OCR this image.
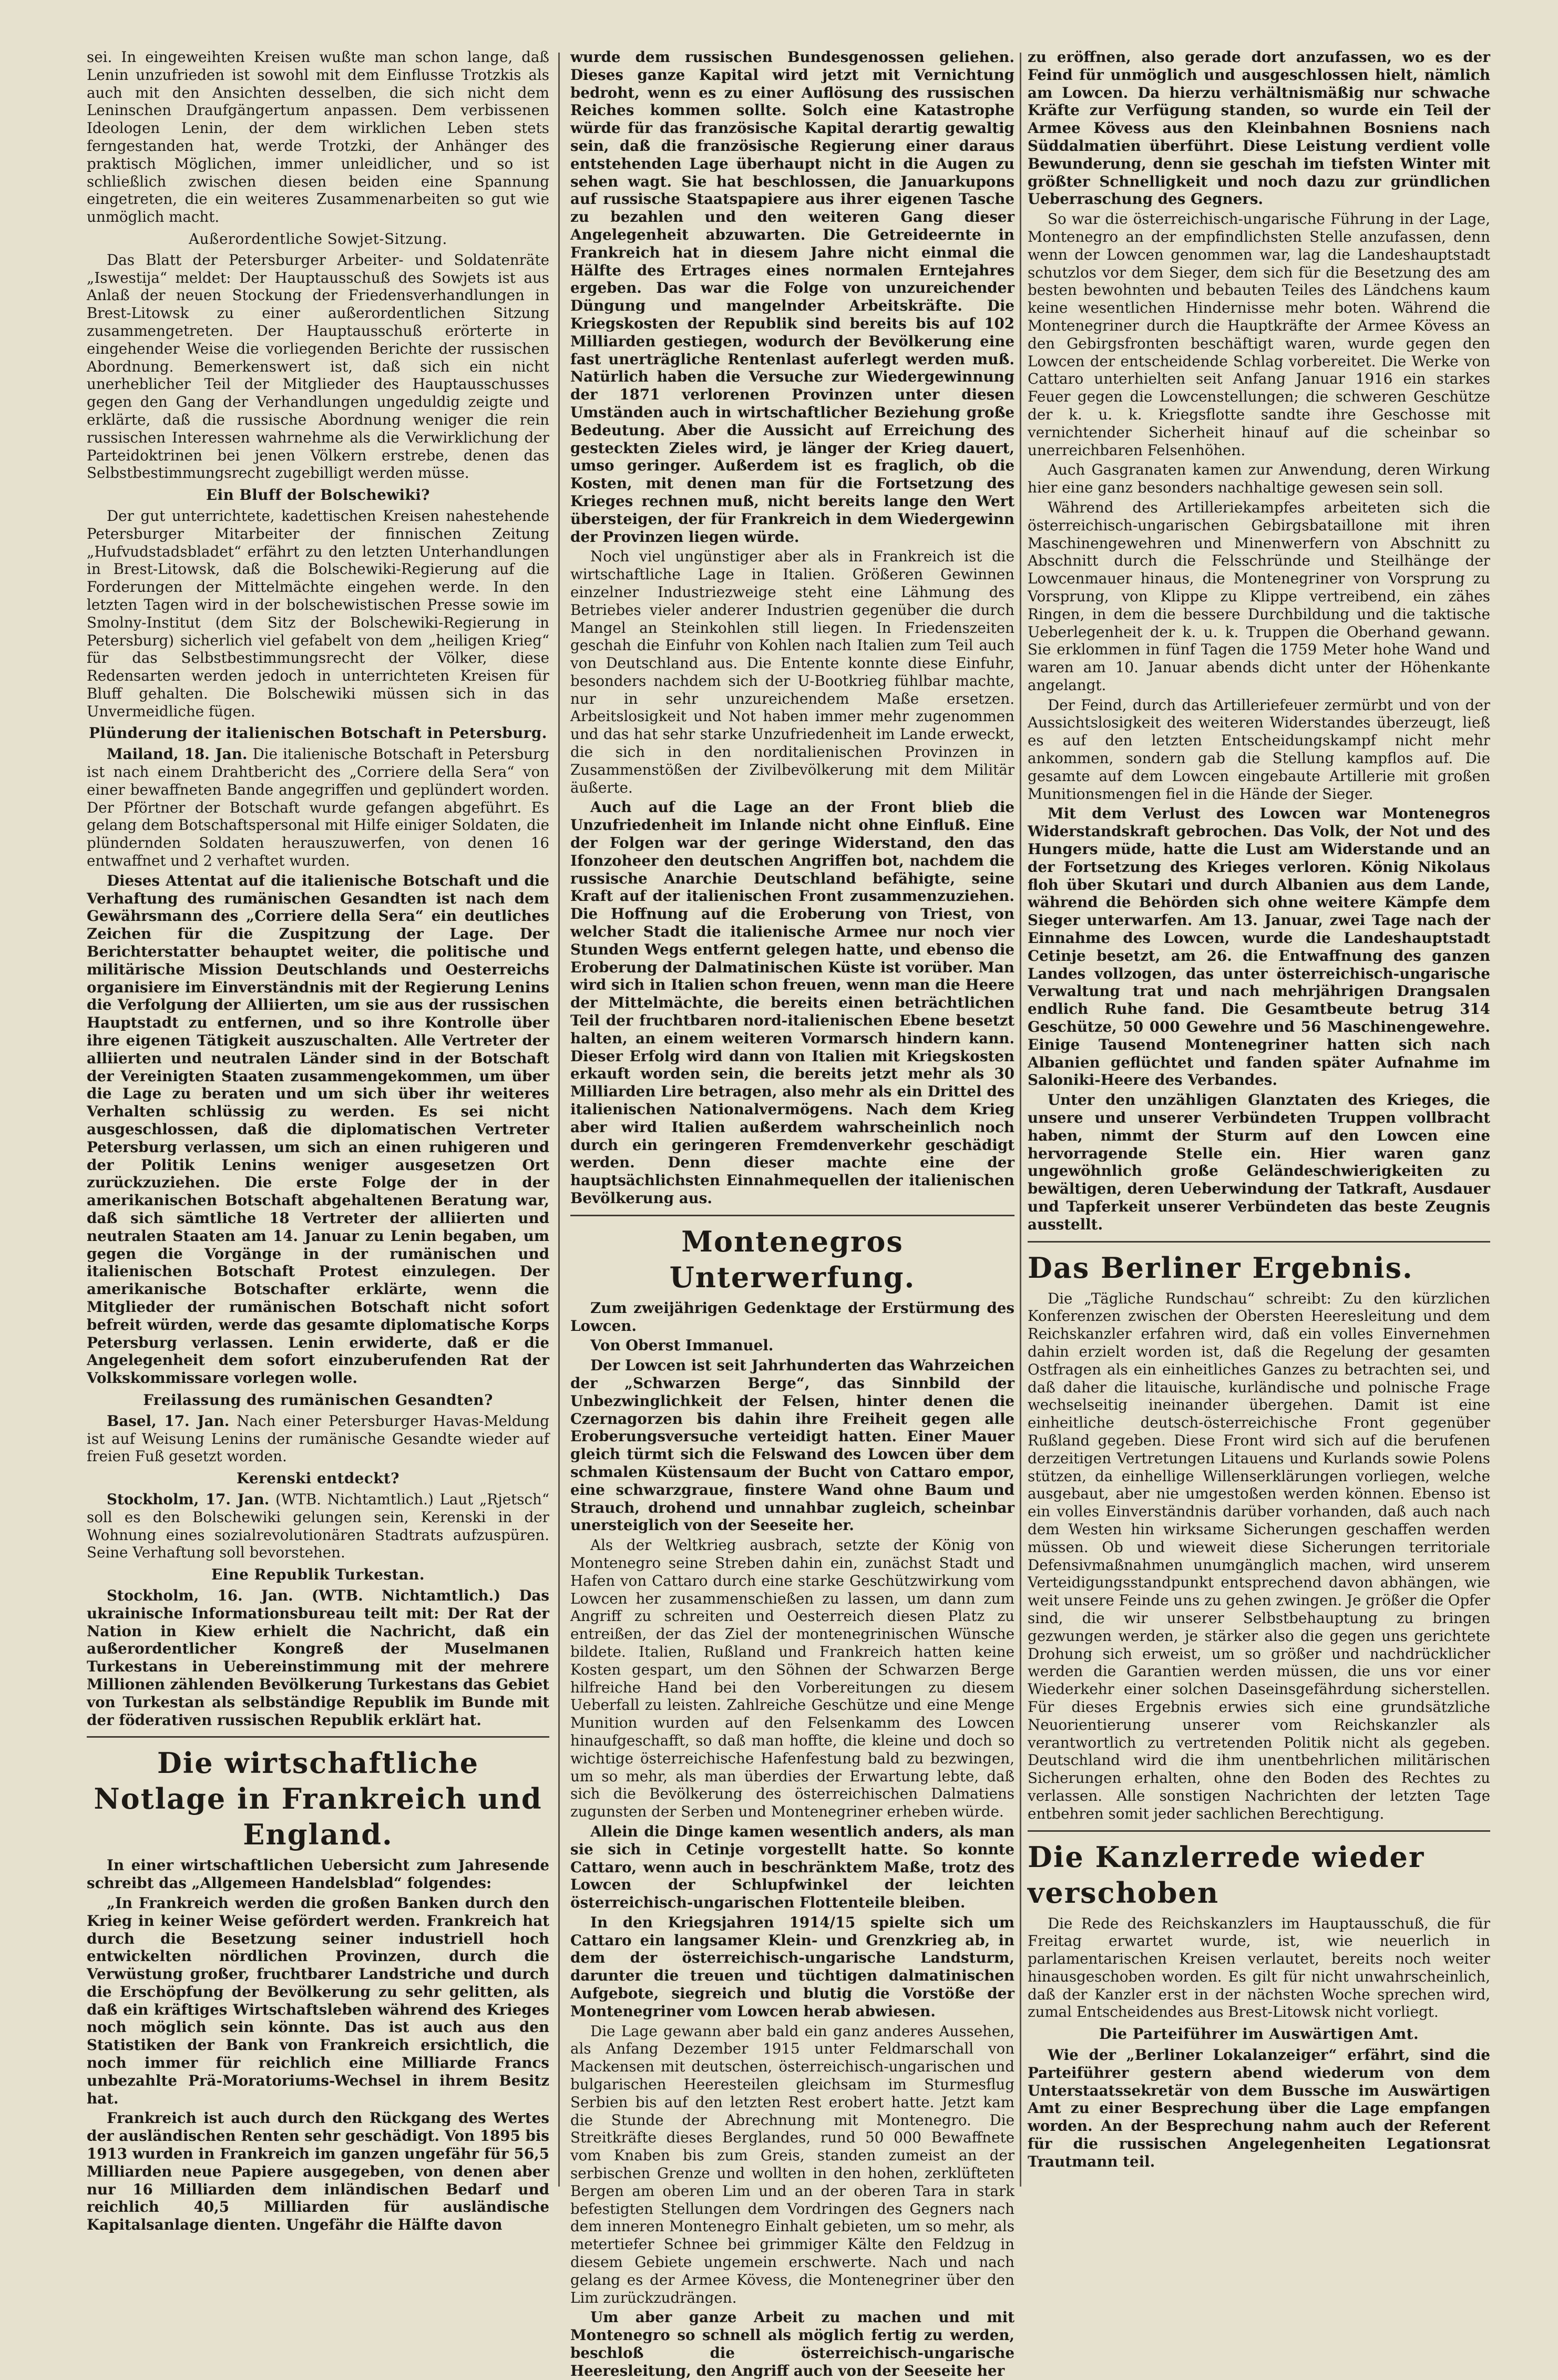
sei. In eingeweihten Kreisen wußte man schon lange, daß Lenin unzufrieden ist sowohl mit dem Einflusse Trotzkis als auch mit den Ansichten desselben, die sich nicht dem Leninschen Draufgängertum anpassen. Dem verbissenen Ideologen Lenin, der dem wirklichen Leben stets ferngestanden hat, werde Trotzki, der Anhänger des praktisch Möglichen, immer unleidlicher, und so ist schließlich zwischen diesen beiden eine Spannung eingetreten, die ein weiteres Zusammenarbeiten so gut wie unmöglich macht.

Außerordentliche Sowjet-Sitzung.

Das Blatt der Petersburger Arbeiter- und Soldatenräte „Iswestija“ meldet: Der Hauptausschuß des Sowjets ist aus Anlaß der neuen Stockung der Friedensverhandlungen in Brest-Litowsk zu einer außerordentlichen Sitzung zusammengetreten. Der Hauptausschuß erörterte in eingehender Weise die vorliegenden Berichte der russischen Abordnung. Bemerkenswert ist, daß sich ein nicht unerheblicher Teil der Mitglieder des Hauptausschusses gegen den Gang der Verhandlungen ungeduldig zeigte und erklärte, daß die russische Abordnung weniger die rein russischen Interessen wahrnehme als die Verwirklichung der Parteidoktrinen bei jenen Völkern erstrebe, denen das Selbstbestimmungsrecht zugebilligt werden müsse.

Ein Bluff der Bolschewiki?

Der gut unterrichtete, kadettischen Kreisen nahestehende Petersburger Mitarbeiter der finnischen Zeitung „Hufvudstadsbladet“ erfährt zu den letzten Unterhandlungen in Brest-Litowsk, daß die Bolschewiki-Regierung auf die Forderungen der Mittelmächte eingehen werde. In den letzten Tagen wird in der bolschewistischen Presse sowie im Smolny-Institut (dem Sitz der Bolschewiki-Regierung in Petersburg) sicherlich viel gefabelt von dem „heiligen Krieg“ für das Selbstbestimmungsrecht der Völker, diese Redensarten werden jedoch in unterrichteten Kreisen für Bluff gehalten. Die Bolschewiki müssen sich in das Unvermeidliche fügen.

Plünderung der italienischen Botschaft in Petersburg.

Mailand, 18. Jan. Die italienische Botschaft in Petersburg ist nach einem Drahtbericht des „Corriere della Sera“ von einer bewaffneten Bande angegriffen und geplündert worden. Der Pförtner der Botschaft wurde gefangen abgeführt. Es gelang dem Botschaftspersonal mit Hilfe einiger Soldaten, die plündernden Soldaten herauszuwerfen, von denen 16 entwaffnet und 2 verhaftet wurden.

Dieses Attentat auf die italienische Botschaft und die Verhaftung des rumänischen Gesandten ist nach dem Gewährsmann des „Corriere della Sera“ ein deutliches Zeichen für die Zuspitzung der Lage. Der Berichterstatter behauptet weiter, die politische und militärische Mission Deutschlands und Oesterreichs organisiere im Einverständnis mit der Regierung Lenins die Verfolgung der Alliierten, um sie aus der russischen Hauptstadt zu entfernen, und so ihre Kontrolle über ihre eigenen Tätigkeit auszuschalten. Alle Vertreter der alliierten und neutralen Länder sind in der Botschaft der Vereinigten Staaten zusammengekommen, um über die Lage zu beraten und um sich über ihr weiteres Verhalten schlüssig zu werden. Es sei nicht ausgeschlossen, daß die diplomatischen Vertreter Petersburg verlassen, um sich an einen ruhigeren und der Politik Lenins weniger ausgesetzen Ort zurückzuziehen. Die erste Folge der in der amerikanischen Botschaft abgehaltenen Beratung war, daß sich sämtliche 18 Vertreter der alliierten und neutralen Staaten am 14. Januar zu Lenin begaben, um gegen die Vorgänge in der rumänischen und italienischen Botschaft Protest einzulegen. Der amerikanische Botschafter erklärte, wenn die Mitglieder der rumänischen Botschaft nicht sofort befreit würden, werde das gesamte diplomatische Korps Petersburg verlassen. Lenin erwiderte, daß er die Angelegenheit dem sofort einzuberufenden Rat der Volkskommissare vorlegen wolle.

Freilassung des rumänischen Gesandten?

Basel, 17. Jan. Nach einer Petersburger Havas-Meldung ist auf Weisung Lenins der rumänische Gesandte wieder auf freien Fuß gesetzt worden.

Kerenski entdeckt?

Stockholm, 17. Jan. (WTB. Nichtamtlich.) Laut „Rjetsch“ soll es den Bolschewiki gelungen sein, Kerenski in der Wohnung eines sozialrevolutionären Stadtrats aufzuspüren. Seine Verhaftung soll bevorstehen.

Eine Republik Turkestan.

Stockholm, 16. Jan. (WTB. Nichtamtlich.) Das ukrainische Informationsbureau teilt mit: Der Rat der Nation in Kiew erhielt die Nachricht, daß ein außerordentlicher Kongreß der Muselmanen Turkestans in Uebereinstimmung mit der mehrere Millionen zählenden Bevölkerung Turkestans das Gebiet von Turkestan als selbständige Republik im Bunde mit der föderativen russischen Republik erklärt hat.

Die wirtschaftliche Notlage in Frankreich und England.

In einer wirtschaftlichen Uebersicht zum Jahresende schreibt das „Allgemeen Handelsblad“ folgendes:

„In Frankreich werden die großen Banken durch den Krieg in keiner Weise gefördert werden. Frankreich hat durch die Besetzung seiner industriell hoch entwickelten nördlichen Provinzen, durch die Verwüstung großer, fruchtbarer Landstriche und durch die Erschöpfung der Bevölkerung zu sehr gelitten, als daß ein kräftiges Wirtschaftsleben während des Krieges noch möglich sein könnte. Das ist auch aus den Statistiken der Bank von Frankreich ersichtlich, die noch immer für reichlich eine Milliarde Francs unbezahlte Prä-Moratoriums-Wechsel in ihrem Besitz hat.

Frankreich ist auch durch den Rückgang des Wertes der ausländischen Renten sehr geschädigt. Von 1895 bis 1913 wurden in Frankreich im ganzen ungefähr für 56,5 Milliarden neue Papiere ausgegeben, von denen aber nur 16 Milliarden dem inländischen Bedarf und reichlich 40,5 Milliarden für ausländische Kapitalsanlage dienten. Ungefähr die Hälfte davon

wurde dem russischen Bundesgenossen geliehen. Dieses ganze Kapital wird jetzt mit Vernichtung bedroht, wenn es zu einer Auflösung des russischen Reiches kommen sollte. Solch eine Katastrophe würde für das französische Kapital derartig gewaltig sein, daß die französische Regierung einer daraus entstehenden Lage überhaupt nicht in die Augen zu sehen wagt. Sie hat beschlossen, die Januarkupons auf russische Staatspapiere aus ihrer eigenen Tasche zu bezahlen und den weiteren Gang dieser Angelegenheit abzuwarten. Die Getreideernte in Frankreich hat in diesem Jahre nicht einmal die Hälfte des Ertrages eines normalen Erntejahres ergeben. Das war die Folge von unzureichender Düngung und mangelnder Arbeitskräfte. Die Kriegskosten der Republik sind bereits bis auf 102 Milliarden gestiegen, wodurch der Bevölkerung eine fast unerträgliche Rentenlast auferlegt werden muß. Natürlich haben die Versuche zur Wiedergewinnung der 1871 verlorenen Provinzen unter diesen Umständen auch in wirtschaftlicher Beziehung große Bedeutung. Aber die Aussicht auf Erreichung des gesteckten Zieles wird, je länger der Krieg dauert, umso geringer. Außerdem ist es fraglich, ob die Kosten, mit denen man für die Fortsetzung des Krieges rechnen muß, nicht bereits lange den Wert übersteigen, der für Frankreich in dem Wiedergewinn der Provinzen liegen würde.

Noch viel ungünstiger aber als in Frankreich ist die wirtschaftliche Lage in Italien. Größeren Gewinnen einzelner Industriezweige steht eine Lähmung des Betriebes vieler anderer Industrien gegenüber die durch Mangel an Steinkohlen still liegen. In Friedenszeiten geschah die Einfuhr von Kohlen nach Italien zum Teil auch von Deutschland aus. Die Entente konnte diese Einfuhr, besonders nachdem sich der U-Bootkrieg fühlbar machte, nur in sehr unzureichendem Maße ersetzen. Arbeitslosigkeit und Not haben immer mehr zugenommen und das hat sehr starke Unzufriedenheit im Lande erweckt, die sich in den norditalienischen Provinzen in Zusammenstößen der Zivilbevölkerung mit dem Militär äußerte.

Auch auf die Lage an der Front blieb die Unzufriedenheit im Inlande nicht ohne Einfluß. Eine der Folgen war der geringe Widerstand, den das Ifonzoheer den deutschen Angriffen bot, nachdem die russische Anarchie Deutschland befähigte, seine Kraft auf der italienischen Front zusammenzuziehen. Die Hoffnung auf die Eroberung von Triest, von welcher Stadt die italienische Armee nur noch vier Stunden Wegs entfernt gelegen hatte, und ebenso die Eroberung der Dalmatinischen Küste ist vorüber. Man wird sich in Italien schon freuen, wenn man die Heere der Mittelmächte, die bereits einen beträchtlichen Teil der fruchtbaren nord-italienischen Ebene besetzt halten, an einem weiteren Vormarsch hindern kann. Dieser Erfolg wird dann von Italien mit Kriegskosten erkauft worden sein, die bereits jetzt mehr als 30 Milliarden Lire betragen, also mehr als ein Drittel des italienischen Nationalvermögens. Nach dem Krieg aber wird Italien außerdem wahrscheinlich noch durch ein geringeren Fremdenverkehr geschädigt werden. Denn dieser machte eine der hauptsächlichsten Einnahmequellen der italienischen Bevölkerung aus.

Montenegros Unterwerfung.

Zum zweijährigen Gedenktage der Erstürmung des Lowcen.

Von Oberst Immanuel.

Der Lowcen ist seit Jahrhunderten das Wahrzeichen der „Schwarzen Berge“, das Sinnbild der Unbezwinglichkeit der Felsen, hinter denen die Czernagorzen bis dahin ihre Freiheit gegen alle Eroberungsversuche verteidigt hatten. Einer Mauer gleich türmt sich die Felswand des Lowcen über dem schmalen Küstensaum der Bucht von Cattaro empor, eine schwarzgraue, finstere Wand ohne Baum und Strauch, drohend und unnahbar zugleich, scheinbar unersteiglich von der Seeseite her.

Als der Weltkrieg ausbrach, setzte der König von Montenegro seine Streben dahin ein, zunächst Stadt und Hafen von Cattaro durch eine starke Geschützwirkung vom Lowcen her zusammenschießen zu lassen, um dann zum Angriff zu schreiten und Oesterreich diesen Platz zu entreißen, der das Ziel der montenegrinischen Wünsche bildete. Italien, Rußland und Frankreich hatten keine Kosten gespart, um den Söhnen der Schwarzen Berge hilfreiche Hand bei den Vorbereitungen zu diesem Ueberfall zu leisten. Zahlreiche Geschütze und eine Menge Munition wurden auf den Felsenkamm des Lowcen hinaufgeschafft, so daß man hoffte, die kleine und doch so wichtige österreichische Hafenfestung bald zu bezwingen, um so mehr, als man überdies der Erwartung lebte, daß sich die Bevölkerung des österreichischen Dalmatiens zugunsten der Serben und Montenegriner erheben würde.

Allein die Dinge kamen wesentlich anders, als man sie sich in Cetinje vorgestellt hatte. So konnte Cattaro, wenn auch in beschränktem Maße, trotz des Lowcen der Schlupfwinkel der leichten österreichisch-ungarischen Flottenteile bleiben.

In den Kriegsjahren 1914/15 spielte sich um Cattaro ein langsamer Klein- und Grenzkrieg ab, in dem der österreichisch-ungarische Landsturm, darunter die treuen und tüchtigen dalmatinischen Aufgebote, siegreich und blutig die Vorstöße der Montenegriner vom Lowcen herab abwiesen.

Die Lage gewann aber bald ein ganz anderes Aussehen, als Anfang Dezember 1915 unter Feldmarschall von Mackensen mit deutschen, österreichisch-ungarischen und bulgarischen Heeresteilen gleichsam im Sturmesflug Serbien bis auf den letzten Rest erobert hatte. Jetzt kam die Stunde der Abrechnung mit Montenegro. Die Streitkräfte dieses Berglandes, rund 50 000 Bewaffnete vom Knaben bis zum Greis, standen zumeist an der serbischen Grenze und wollten in den hohen, zerklüfteten Bergen am oberen Lim und an der oberen Tara in stark befestigten Stellungen dem Vordringen des Gegners nach dem inneren Montenegro Einhalt gebieten, um so mehr, als metertiefer Schnee bei grimmiger Kälte den Feldzug in diesem Gebiete ungemein erschwerte. Nach und nach gelang es der Armee Kövess, die Montenegriner über den Lim zurückzudrängen.

Um aber ganze Arbeit zu machen und mit Montenegro so schnell als möglich fertig zu werden, beschloß die österreichisch-ungarische Heeresleitung, den Angriff auch von der Seeseite her

zu eröffnen, also gerade dort anzufassen, wo es der Feind für unmöglich und ausgeschlossen hielt, nämlich am Lowcen. Da hierzu verhältnismäßig nur schwache Kräfte zur Verfügung standen, so wurde ein Teil der Armee Kövess aus den Kleinbahnen Bosniens nach Süddalmatien überführt. Diese Leistung verdient volle Bewunderung, denn sie geschah im tiefsten Winter mit größter Schnelligkeit und noch dazu zur gründlichen Ueberraschung des Gegners.

So war die österreichisch-ungarische Führung in der Lage, Montenegro an der empfindlichsten Stelle anzufassen, denn wenn der Lowcen genommen war, lag die Landeshauptstadt schutzlos vor dem Sieger, dem sich für die Besetzung des am besten bewohnten und bebauten Teiles des Ländchens kaum keine wesentlichen Hindernisse mehr boten. Während die Montenegriner durch die Hauptkräfte der Armee Kövess an den Gebirgsfronten beschäftigt waren, wurde gegen den Lowcen der entscheidende Schlag vorbereitet. Die Werke von Cattaro unterhielten seit Anfang Januar 1916 ein starkes Feuer gegen die Lowcenstellungen; die schweren Geschütze der k. u. k. Kriegsflotte sandte ihre Geschosse mit vernichtender Sicherheit hinauf auf die scheinbar so unerreichbaren Felsenhöhen.

Auch Gasgranaten kamen zur Anwendung, deren Wirkung hier eine ganz besonders nachhaltige gewesen sein soll.

Während des Artilleriekampfes arbeiteten sich die österreichisch-ungarischen Gebirgsbataillone mit ihren Maschinengewehren und Minenwerfern von Abschnitt zu Abschnitt durch die Felsschründe und Steilhänge der Lowcenmauer hinaus, die Montenegriner von Vorsprung zu Vorsprung, von Klippe zu Klippe vertreibend, ein zähes Ringen, in dem die bessere Durchbildung und die taktische Ueberlegenheit der k. u. k. Truppen die Oberhand gewann. Sie erklommen in fünf Tagen die 1759 Meter hohe Wand und waren am 10. Januar abends dicht unter der Höhenkante angelangt.

Der Feind, durch das Artilleriefeuer zermürbt und von der Aussichtslosigkeit des weiteren Widerstandes überzeugt, ließ es auf den letzten Entscheidungskampf nicht mehr ankommen, sondern gab die Stellung kampflos auf. Die gesamte auf dem Lowcen eingebaute Artillerie mit großen Munitionsmengen fiel in die Hände der Sieger.

Mit dem Verlust des Lowcen war Montenegros Widerstandskraft gebrochen. Das Volk, der Not und des Hungers müde, hatte die Lust am Widerstande und an der Fortsetzung des Krieges verloren. König Nikolaus floh über Skutari und durch Albanien aus dem Lande, während die Behörden sich ohne weitere Kämpfe dem Sieger unterwarfen. Am 13. Januar, zwei Tage nach der Einnahme des Lowcen, wurde die Landeshauptstadt Cetinje besetzt, am 26. die Entwaffnung des ganzen Landes vollzogen, das unter österreichisch-ungarische Verwaltung trat und nach mehrjährigen Drangsalen endlich Ruhe fand. Die Gesamtbeute betrug 314 Geschütze, 50 000 Gewehre und 56 Maschinengewehre. Einige Tausend Montenegriner hatten sich nach Albanien geflüchtet und fanden später Aufnahme im Saloniki-Heere des Verbandes.

Unter den unzähligen Glanztaten des Krieges, die unsere und unserer Verbündeten Truppen vollbracht haben, nimmt der Sturm auf den Lowcen eine hervorragende Stelle ein. Hier waren ganz ungewöhnlich große Geländeschwierigkeiten zu bewältigen, deren Ueberwindung der Tatkraft, Ausdauer und Tapferkeit unserer Verbündeten das beste Zeugnis ausstellt.

Das Berliner Ergebnis.

Die „Tägliche Rundschau“ schreibt: Zu den kürzlichen Konferenzen zwischen der Obersten Heeresleitung und dem Reichskanzler erfahren wird, daß ein volles Einvernehmen dahin erzielt worden ist, daß die Regelung der gesamten Ostfragen als ein einheitliches Ganzes zu betrachten sei, und daß daher die litauische, kurländische und polnische Frage wechselseitig ineinander übergehen. Damit ist eine einheitliche deutsch-österreichische Front gegenüber Rußland gegeben. Diese Front wird sich auf die berufenen derzeitigen Vertretungen Litauens und Kurlands sowie Polens stützen, da einhellige Willenserklärungen vorliegen, welche ausgebaut, aber nie umgestoßen werden können. Ebenso ist ein volles Einverständnis darüber vorhanden, daß auch nach dem Westen hin wirksame Sicherungen geschaffen werden müssen. Ob und wieweit diese Sicherungen territoriale Defensivmaßnahmen unumgänglich machen, wird unserem Verteidigungsstandpunkt entsprechend davon abhängen, wie weit unsere Feinde uns zu gehen zwingen. Je größer die Opfer sind, die wir unserer Selbstbehauptung zu bringen gezwungen werden, je stärker also die gegen uns gerichtete Drohung sich erweist, um so größer und nachdrücklicher werden die Garantien werden müssen, die uns vor einer Wiederkehr einer solchen Daseinsgefährdung sicherstellen. Für dieses Ergebnis erwies sich eine grundsätzliche Neuorientierung unserer vom Reichskanzler als verantwortlich zu vertretenden Politik nicht als gegeben. Deutschland wird die ihm unentbehrlichen militärischen Sicherungen erhalten, ohne den Boden des Rechtes zu verlassen. Alle sonstigen Nachrichten der letzten Tage entbehren somit jeder sachlichen Berechtigung.

Die Kanzlerrede wieder verschoben

Die Rede des Reichskanzlers im Hauptausschuß, die für Freitag erwartet wurde, ist, wie neuerlich in parlamentarischen Kreisen verlautet, bereits noch weiter hinausgeschoben worden. Es gilt für nicht unwahrscheinlich, daß der Kanzler erst in der nächsten Woche sprechen wird, zumal Entscheidendes aus Brest-Litowsk nicht vorliegt.

Die Parteiführer im Auswärtigen Amt.

Wie der „Berliner Lokalanzeiger“ erfährt, sind die Parteiführer gestern abend wiederum von dem Unterstaatssekretär von dem Bussche im Auswärtigen Amt zu einer Besprechung über die Lage empfangen worden. An der Besprechung nahm auch der Referent für die russischen Angelegenheiten Legationsrat Trautmann teil.
